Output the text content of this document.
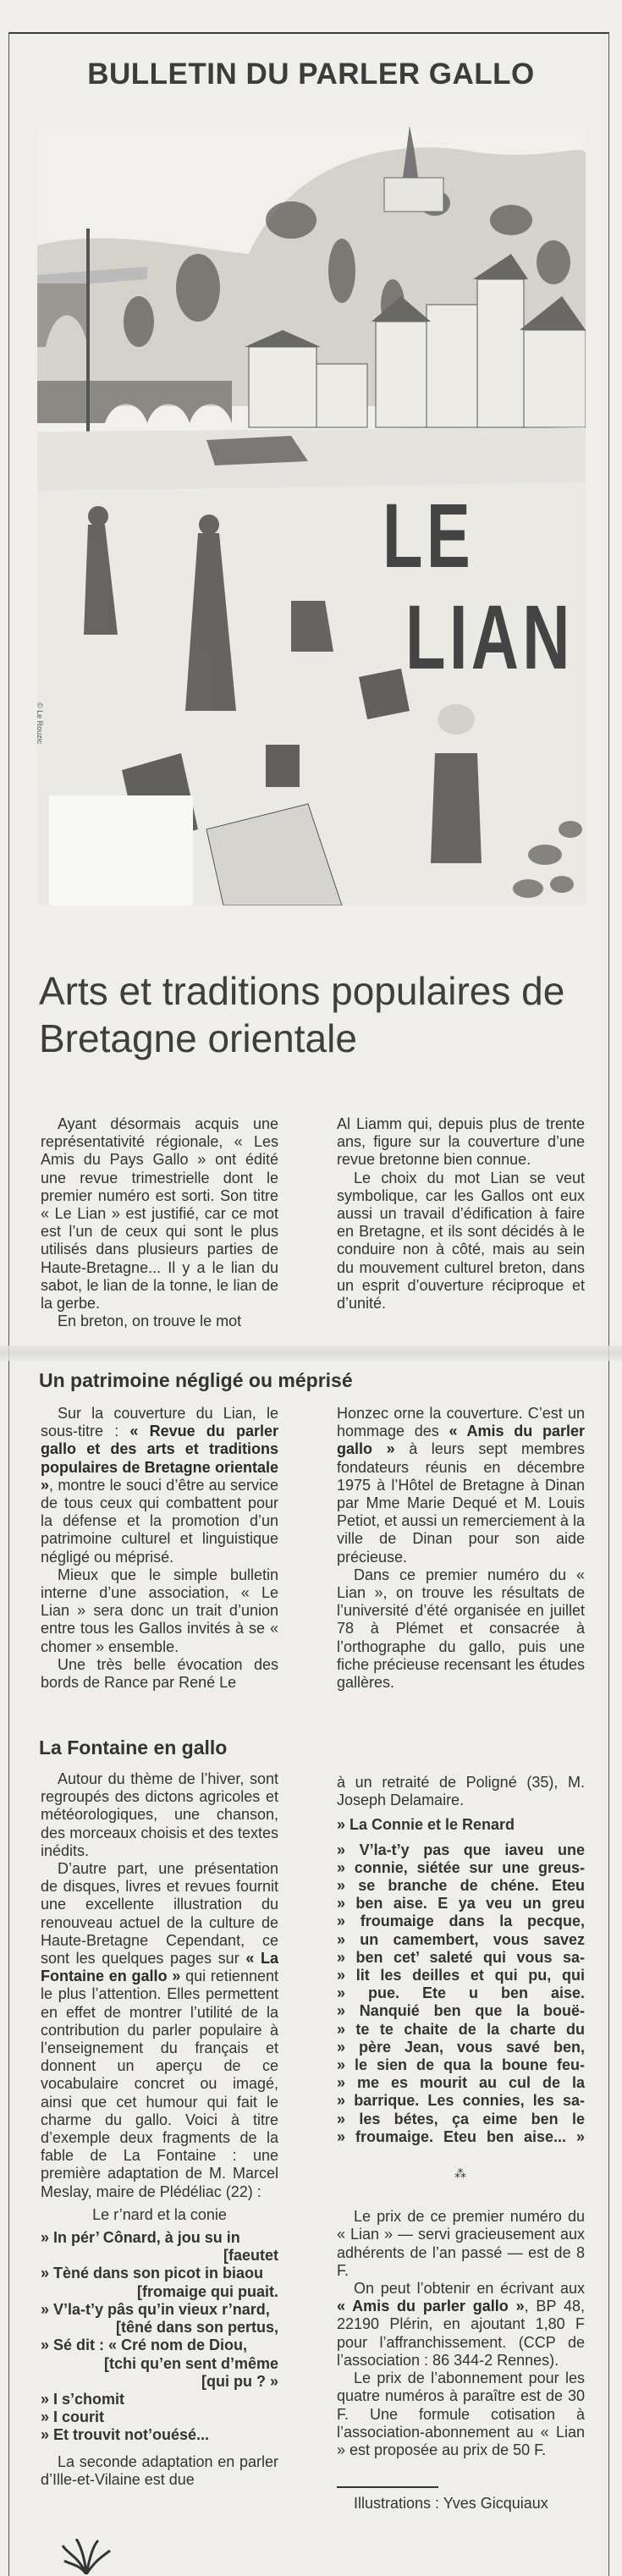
BULLETIN DU PARLER GALLO
LE
LIAN
© Le Rouzic
Arts et traditions populaires de Bretagne orientale

Ayant désormais acquis une représentativité régionale, « Les Amis du Pays Gallo » ont édité une revue trimestrielle dont le premier numéro est sorti. Son titre « Le Lian » est justifié, car ce mot est l’un de ceux qui sont le plus utilisés dans plusieurs parties de Haute-Bretagne... Il y a le lian du sabot, le lian de la tonne, le lian de la gerbe.

En breton, on trouve le mot

Al Liamm qui, depuis plus de trente ans, figure sur la couverture d’une revue bretonne bien connue.

Le choix du mot Lian se veut symbolique, car les Gallos ont eux aussi un travail d’édification à faire en Bretagne, et ils sont décidés à le conduire non à côté, mais au sein du mouvement culturel breton, dans un esprit d’ouverture réciproque et d’unité.

Un patrimoine négligé ou méprisé

Sur la couverture du Lian, le sous-titre : « Revue du parler gallo et des arts et traditions populaires de Bretagne orientale », montre le souci d’être au service de tous ceux qui combattent pour la défense et la promotion d’un patrimoine culturel et linguistique négligé ou méprisé.

Mieux que le simple bulletin interne d’une association, « Le Lian » sera donc un trait d’union entre tous les Gallos invités à se « chomer » ensemble.

Une très belle évocation des bords de Rance par René Le

Honzec orne la couverture. C’est un hommage des « Amis du parler gallo » à leurs sept membres fondateurs réunis en décembre 1975 à l’Hôtel de Bretagne à Dinan par Mme Marie Dequé et M. Louis Petiot, et aussi un remerciement à la ville de Dinan pour son aide précieuse.

Dans ce premier numéro du « Lian », on trouve les résultats de l’université d’été organisée en juillet 78 à Plémet et consacrée à l’orthographe du gallo, puis une fiche précieuse recensant les études gallères.

La Fontaine en gallo

Autour du thème de l’hiver, sont regroupés des dictons agricoles et météorologiques, une chanson, des morceaux choisis et des textes inédits.

D’autre part, une présentation de disques, livres et revues fournit une excellente illustration du renouveau actuel de la culture de Haute-Bretagne Cependant, ce sont les quelques pages sur « La Fontaine en gallo » qui retiennent le plus l’attention. Elles permettent en effet de montrer l’utilité de la contribution du parler populaire à l’enseignement du français et donnent un aperçu de ce vocabulaire concret ou imagé, ainsi que cet humour qui fait le charme du gallo. Voici à titre d’exemple deux fragments de la fable de La Fontaine : une première adaptation de M. Marcel Meslay, maire de Plédéliac (22) :

Le r’nard et la conie
» In pér’ Cônard, à jou su in
[faeutet
» Tèné dans son picot in biaou
[fromaige qui puait.
» V’la-t’y pâs qu’in vieux r’nard,
[têné dans son pertus,
» Sé dit : « Cré nom de Diou,
[tchi qu’en sent d’même
[qui pu ? »
» I s’chomit
» I courit
» Et trouvit not’ouésé...

La seconde adaptation en parler d’Ille-et-Vilaine est due

à un retraité de Poligné (35), M. Joseph Delamaire.

» La Connie et le Renard
» V’la-t’y pas que iaveu une
» connie, siétée sur une greus-
» se branche de chéne. Eteu
» ben aise. E ya veu un greu
» froumaige dans la pecque,
» un camembert, vous savez
» ben cet’ saleté qui vous sa-
» lit les deilles et qui pu, qui
» pue. Ete u ben aise.
» Nanquié ben que la bouë-
» te te chaite de la charte du
» père Jean, vous savé ben,
» le sien de qua la boune feu-
» me es mourit au cul de la
» barrique. Les connies, les sa-
» les bétes, ça eime ben le
» froumaige. Eteu ben aise... »
⁂

Le prix de ce premier numéro du « Lian » — servi gracieusement aux adhérents de l’an passé — est de 8 F.

On peut l’obtenir en écrivant aux « Amis du parler gallo », BP 48, 22190 Plérin, en ajoutant 1,80 F pour l’affranchissement. (CCP de l’association : 86 344-2 Rennes).

Le prix de l’abonnement pour les quatre numéros à paraître est de 30 F. Une formule cotisation à l’association-abonnement au « Lian » est proposée au prix de 50 F.

Illustrations : Yves Gicquiaux
